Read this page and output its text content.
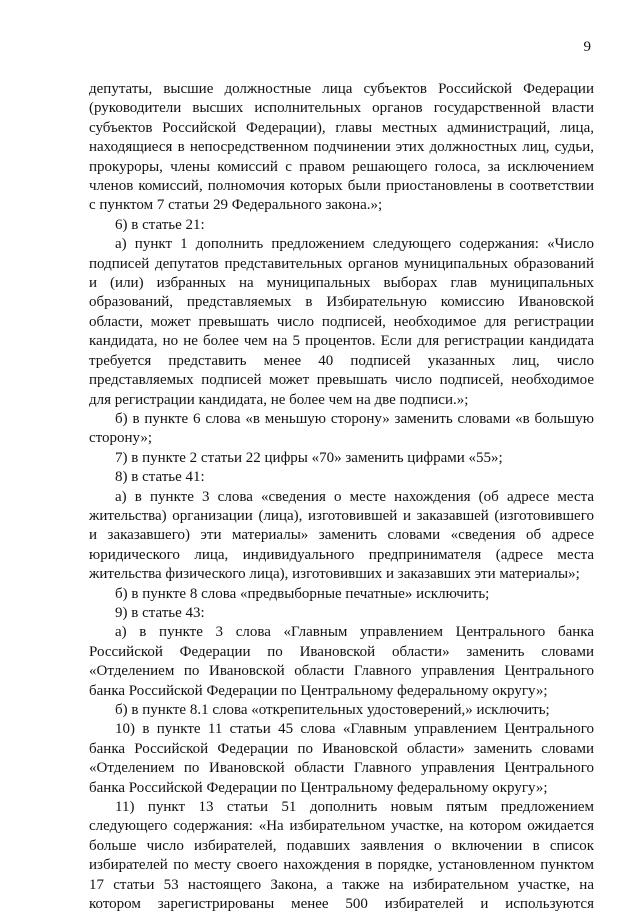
9

депутаты, высшие должностные лица субъектов Российской Федерации (руководители высших исполнительных органов государственной власти субъектов Российской Федерации), главы местных администраций, лица, находящиеся в непосредственном подчинении этих должностных лиц, судьи, прокуроры, члены комиссий с правом решающего голоса, за исключением членов комиссий, полномочия которых были приостановлены в соответствии с пунктом 7 статьи 29 Федерального закона.»;

6) в статье 21:

а) пункт 1 дополнить предложением следующего содержания: «Число подписей депутатов представительных органов муниципальных образований и (или) избранных на муниципальных выборах глав муниципальных образований, представляемых в Избирательную комиссию Ивановской области, может превышать число подписей, необходимое для регистрации кандидата, но не более чем на 5 процентов. Если для регистрации кандидата требуется представить менее 40 подписей указанных лиц, число представляемых подписей может превышать число подписей, необходимое для регистрации кандидата, не более чем на две подписи.»;

б) в пункте 6 слова «в меньшую сторону» заменить словами «в большую сторону»;

7) в пункте 2 статьи 22 цифры «70» заменить цифрами «55»;

8) в статье 41:

а) в пункте 3 слова «сведения о месте нахождения (об адресе места жительства) организации (лица), изготовившей и заказавшей (изготовившего и заказавшего) эти материалы» заменить словами «сведения об адресе юридического лица, индивидуального предпринимателя (адресе места жительства физического лица), изготовивших и заказавших эти материалы»;

б) в пункте 8 слова «предвыборные печатные» исключить;

9) в статье 43:

а) в пункте 3 слова «Главным управлением Центрального банка Российской Федерации по Ивановской области» заменить словами «Отделением по Ивановской области Главного управления Центрального банка Российской Федерации по Центральному федеральному округу»;

б) в пункте 8.1 слова «открепительных удостоверений,» исключить;

10) в пункте 11 статьи 45 слова «Главным управлением Центрального банка Российской Федерации по Ивановской области» заменить словами «Отделением по Ивановской области Главного управления Центрального банка Российской Федерации по Центральному федеральному округу»;

11) пункт 13 статьи 51 дополнить новым пятым предложением следующего содержания: «На избирательном участке, на котором ожидается больше число избирателей, подавших заявления о включении в список избирателей по месту своего нахождения в порядке, установленном пунктом 17 статьи 53 настоящего Закона, а также на избирательном участке, на котором зарегистрированы менее 500 избирателей и используются
